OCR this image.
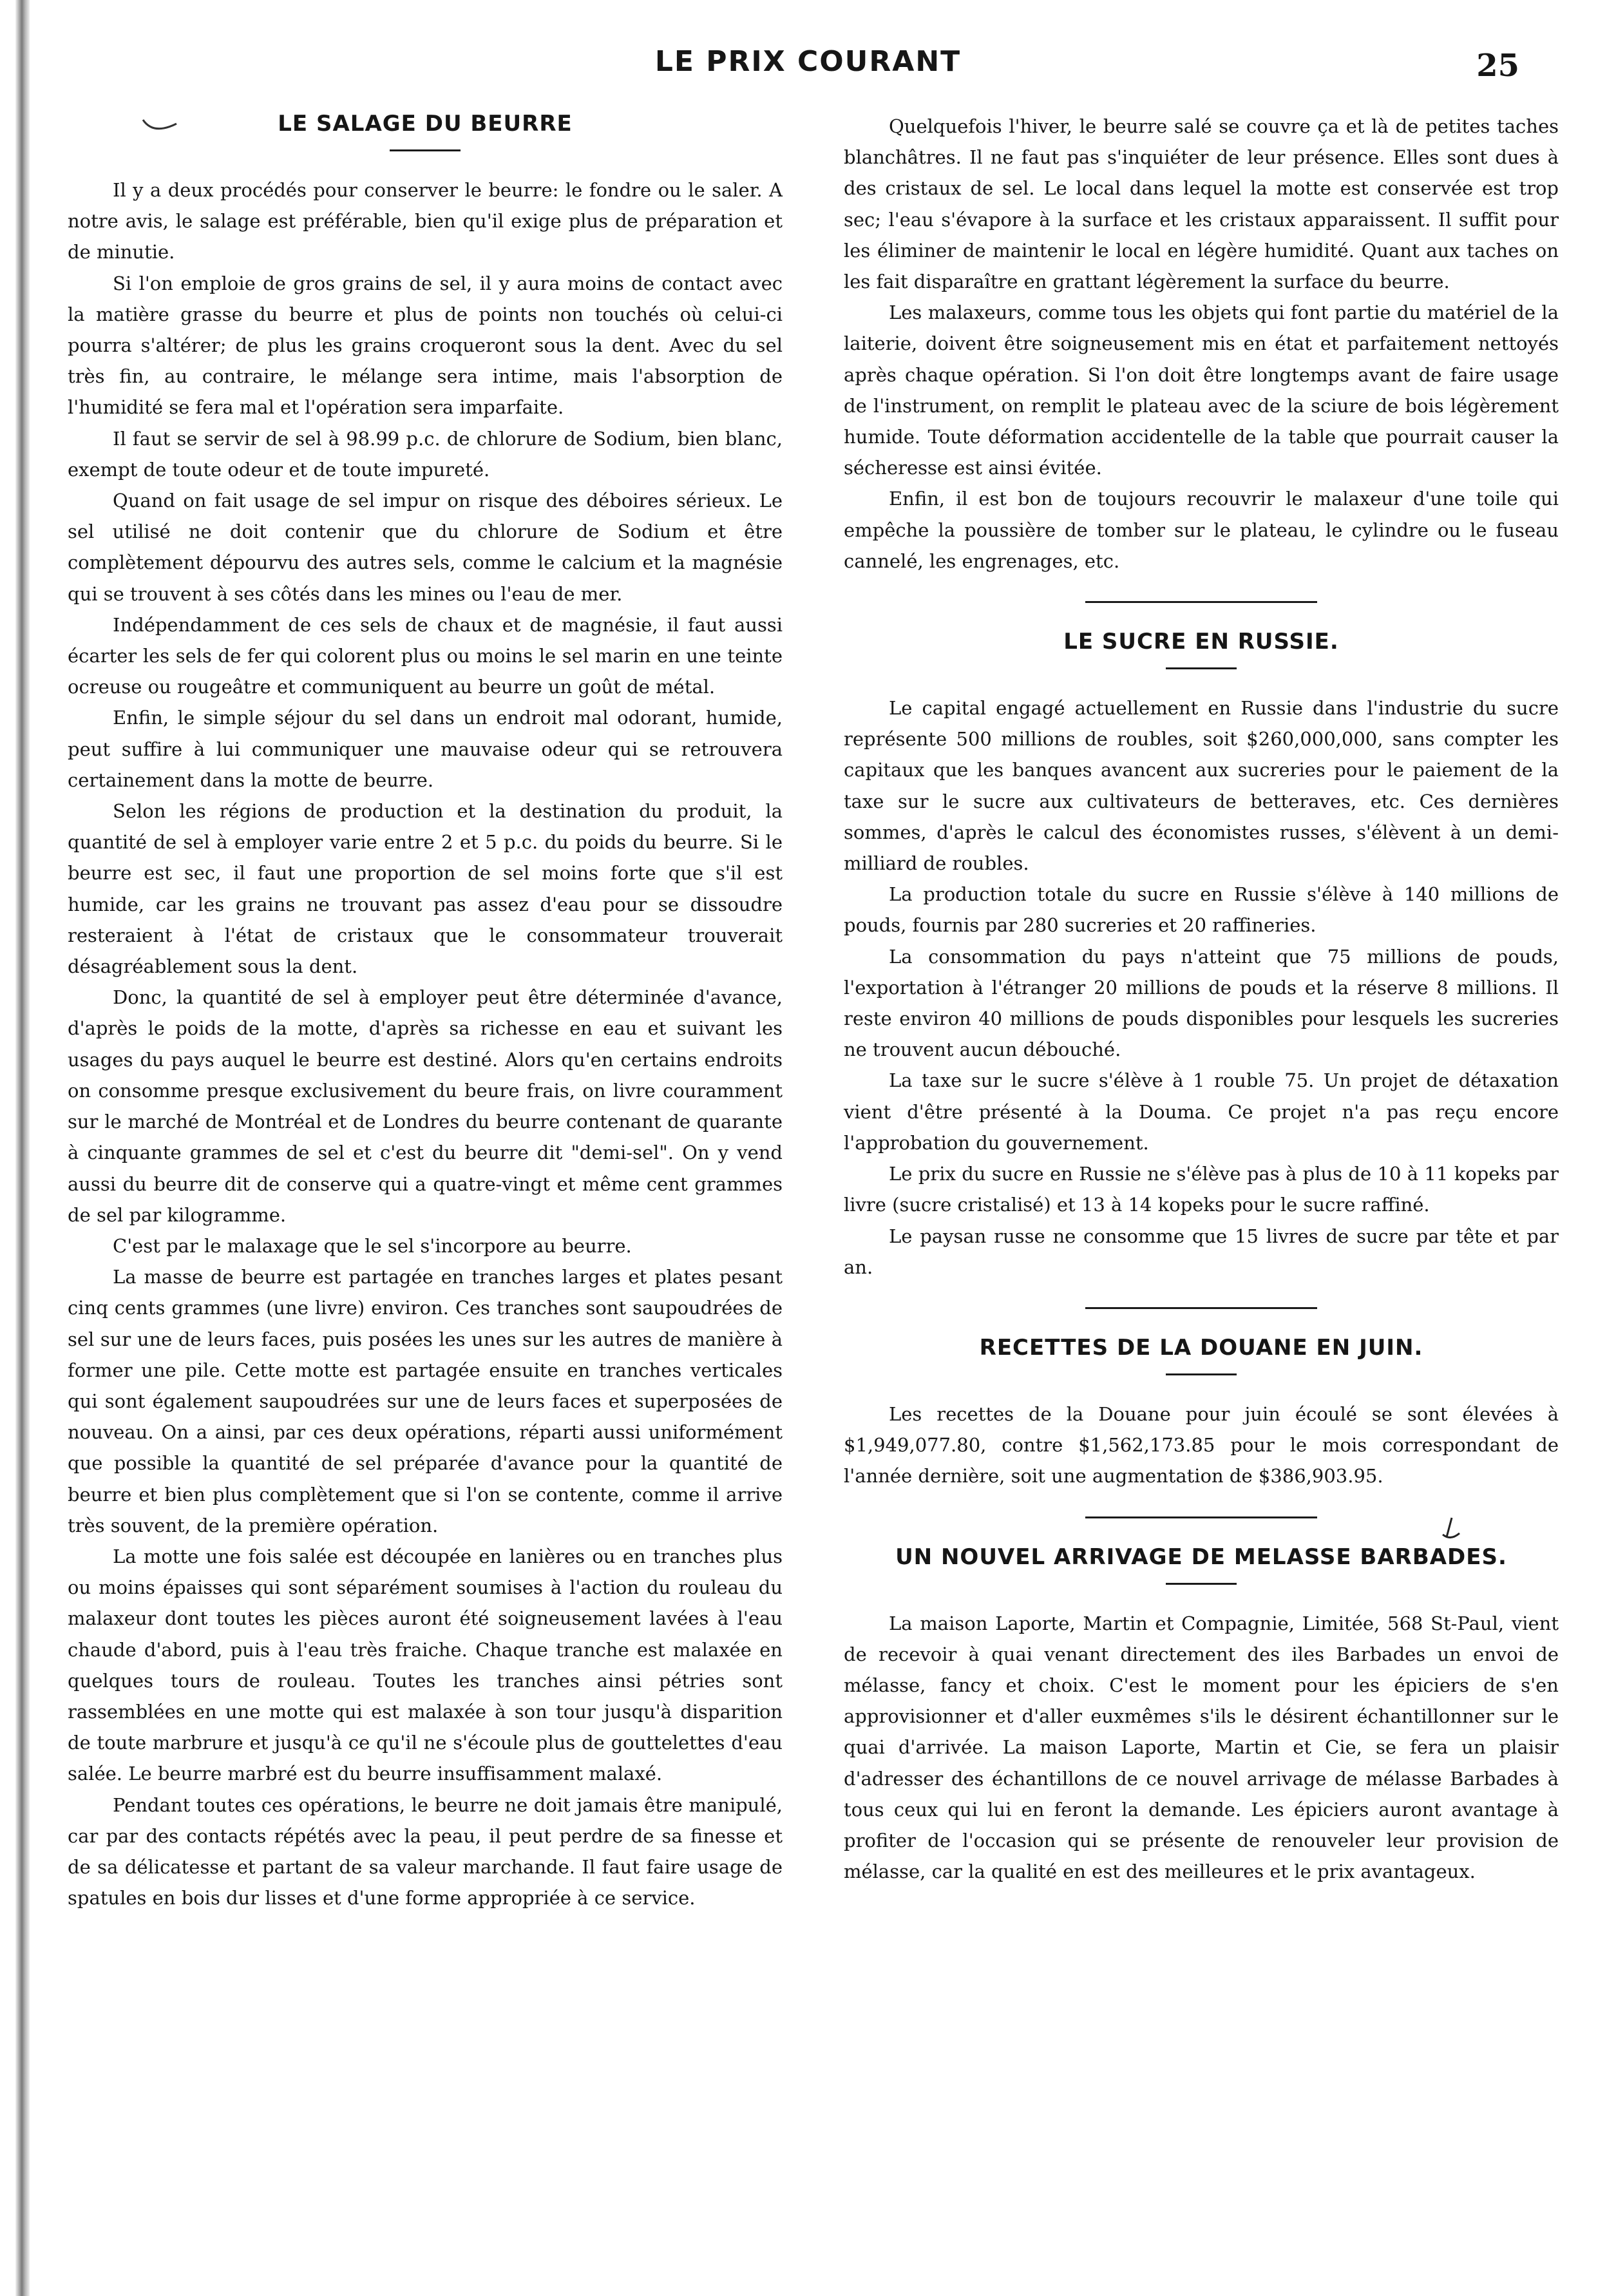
LE PRIX COURANT	25
LE SALAGE DU BEURRE

Il y a deux procédés pour conserver le beurre: le fondre ou le saler. A notre avis, le salage est préférable, bien qu'il exige plus de préparation et de minutie.

Si l'on emploie de gros grains de sel, il y aura moins de contact avec la matière grasse du beurre et plus de points non touchés où celui-ci pourra s'altérer; de plus les grains croqueront sous la dent. Avec du sel très fin, au contraire, le mélange sera intime, mais l'absorption de l'humidité se fera mal et l'opération sera imparfaite.

Il faut se servir de sel à 98.99 p.c. de chlorure de Sodium, bien blanc, exempt de toute odeur et de toute impureté.

Quand on fait usage de sel impur on risque des déboires sérieux. Le sel utilisé ne doit contenir que du chlorure de Sodium et être complètement dépourvu des autres sels, comme le calcium et la magnésie qui se trouvent à ses côtés dans les mines ou l'eau de mer.

Indépendamment de ces sels de chaux et de magnésie, il faut aussi écarter les sels de fer qui colorent plus ou moins le sel marin en une teinte ocreuse ou rougeâtre et communiquent au beurre un goût de métal.

Enfin, le simple séjour du sel dans un endroit mal odorant, humide, peut suffire à lui communiquer une mauvaise odeur qui se retrouvera certainement dans la motte de beurre.

Selon les régions de production et la destination du produit, la quantité de sel à employer varie entre 2 et 5 p.c. du poids du beurre. Si le beurre est sec, il faut une proportion de sel moins forte que s'il est humide, car les grains ne trouvant pas assez d'eau pour se dissoudre resteraient à l'état de cristaux que le consommateur trouverait désagréablement sous la dent.

Donc, la quantité de sel à employer peut être déterminée d'avance, d'après le poids de la motte, d'après sa richesse en eau et suivant les usages du pays auquel le beurre est destiné. Alors qu'en certains endroits on consomme presque exclusivement du beure frais, on livre couramment sur le marché de Montréal et de Londres du beurre contenant de quarante à cinquante grammes de sel et c'est du beurre dit "demi-sel". On y vend aussi du beurre dit de conserve qui a quatre-vingt et même cent grammes de sel par kilogramme.

C'est par le malaxage que le sel s'incorpore au beurre.

La masse de beurre est partagée en tranches larges et plates pesant cinq cents grammes (une livre) environ. Ces tranches sont saupoudrées de sel sur une de leurs faces, puis posées les unes sur les autres de manière à former une pile. Cette motte est partagée ensuite en tranches verticales qui sont également saupoudrées sur une de leurs faces et superposées de nouveau. On a ainsi, par ces deux opérations, réparti aussi uniformément que possible la quantité de sel préparée d'avance pour la quantité de beurre et bien plus complètement que si l'on se contente, comme il arrive très souvent, de la première opération.

La motte une fois salée est découpée en lanières ou en tranches plus ou moins épaisses qui sont séparément soumises à l'action du rouleau du malaxeur dont toutes les pièces auront été soigneusement lavées à l'eau chaude d'abord, puis à l'eau très fraiche. Chaque tranche est malaxée en quelques tours de rouleau. Toutes les tranches ainsi pétries sont rassemblées en une motte qui est malaxée à son tour jusqu'à disparition de toute marbrure et jusqu'à ce qu'il ne s'écoule plus de gouttelettes d'eau salée. Le beurre marbré est du beurre insuffisamment malaxé.

Pendant toutes ces opérations, le beurre ne doit jamais être manipulé, car par des contacts répétés avec la peau, il peut perdre de sa finesse et de sa délicatesse et partant de sa valeur marchande. Il faut faire usage de spatules en bois dur lisses et d'une forme appropriée à ce service.

Quelquefois l'hiver, le beurre salé se couvre ça et là de petites taches blanchâtres. Il ne faut pas s'inquiéter de leur présence. Elles sont dues à des cristaux de sel. Le local dans lequel la motte est conservée est trop sec; l'eau s'évapore à la surface et les cristaux apparaissent. Il suffit pour les éliminer de maintenir le local en légère humidité. Quant aux taches on les fait disparaître en grattant légèrement la surface du beurre.

Les malaxeurs, comme tous les objets qui font partie du matériel de la laiterie, doivent être soigneusement mis en état et parfaitement nettoyés après chaque opération. Si l'on doit être longtemps avant de faire usage de l'instrument, on remplit le plateau avec de la sciure de bois légèrement humide. Toute déformation accidentelle de la table que pourrait causer la sécheresse est ainsi évitée.

Enfin, il est bon de toujours recouvrir le malaxeur d'une toile qui empêche la poussière de tomber sur le plateau, le cylindre ou le fuseau cannelé, les engrenages, etc.

LE SUCRE EN RUSSIE.

Le capital engagé actuellement en Russie dans l'industrie du sucre représente 500 millions de roubles, soit $260,000,000, sans compter les capitaux que les banques avancent aux sucreries pour le paiement de la taxe sur le sucre aux cultivateurs de betteraves, etc. Ces dernières sommes, d'après le calcul des économistes russes, s'élèvent à un demi-milliard de roubles.

La production totale du sucre en Russie s'élève à 140 millions de pouds, fournis par 280 sucreries et 20 raffineries.

La consommation du pays n'atteint que 75 millions de pouds, l'exportation à l'étranger 20 millions de pouds et la réserve 8 millions. Il reste environ 40 millions de pouds disponibles pour lesquels les sucreries ne trouvent aucun débouché.

La taxe sur le sucre s'élève à 1 rouble 75. Un projet de détaxation vient d'être présenté à la Douma. Ce projet n'a pas reçu encore l'approbation du gouvernement.

Le prix du sucre en Russie ne s'élève pas à plus de 10 à 11 kopeks par livre (sucre cristalisé) et 13 à 14 kopeks pour le sucre raffiné.

Le paysan russe ne consomme que 15 livres de sucre par tête et par an.

RECETTES DE LA DOUANE EN JUIN.

Les recettes de la Douane pour juin écoulé se sont élevées à $1,949,077.80, contre $1,562,173.85 pour le mois correspondant de l'année dernière, soit une augmentation de $386,903.95.

UN NOUVEL ARRIVAGE DE MELASSE BARBADES.

La maison Laporte, Martin et Compagnie, Limitée, 568 St-Paul, vient de recevoir à quai venant directement des iles Barbades un envoi de mélasse, fancy et choix. C'est le moment pour les épiciers de s'en approvisionner et d'aller euxmêmes s'ils le désirent échantillonner sur le quai d'arrivée. La maison Laporte, Martin et Cie, se fera un plaisir d'adresser des échantillons de ce nouvel arrivage de mélasse Barbades à tous ceux qui lui en feront la demande. Les épiciers auront avantage à profiter de l'occasion qui se présente de renouveler leur provision de mélasse, car la qualité en est des meilleures et le prix avantageux.
